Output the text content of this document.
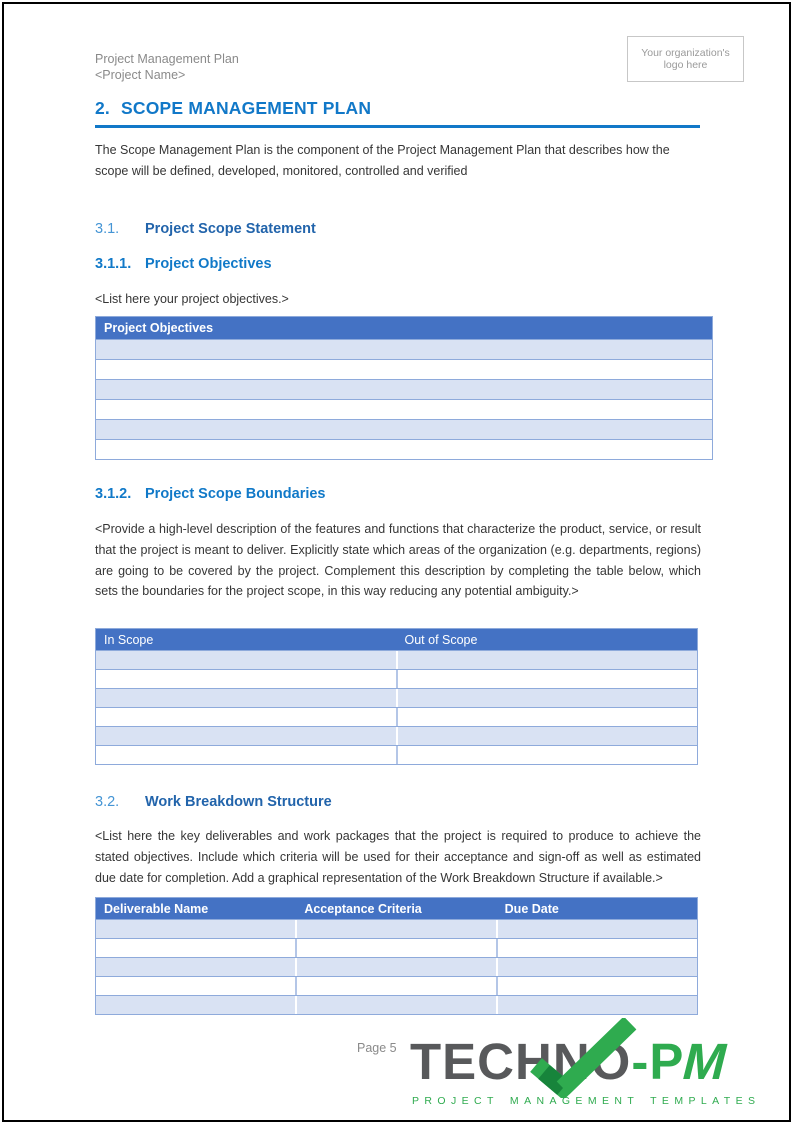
Project Management Plan
<Project Name>
Your organization's logo here
2. SCOPE MANAGEMENT PLAN
The Scope Management Plan is the component of the Project Management Plan that describes how the scope will be defined, developed, monitored, controlled and verified
3.1. Project Scope Statement
3.1.1. Project Objectives
<List here your project objectives.>
Project Objectives
3.1.2. Project Scope Boundaries
<Provide a high-level description of the features and functions that characterize the product, service, or result that the project is meant to deliver. Explicitly state which areas of the organization (e.g. departments, regions) are going to be covered by the project. Complement this description by completing the table below, which sets the boundaries for the project scope, in this way reducing any potential ambiguity.>
In Scope	Out of Scope
3.2. Work Breakdown Structure
<List here the key deliverables and work packages that the project is required to produce to achieve the stated objectives. Include which criteria will be used for their acceptance and sign-off as well as estimated due date for completion. Add a graphical representation of the Work Breakdown Structure if available.>
Deliverable Name	Acceptance Criteria	Due Date
Page 5 TECHNO-PM
PROJECT MANAGEMENT TEMPLATES
